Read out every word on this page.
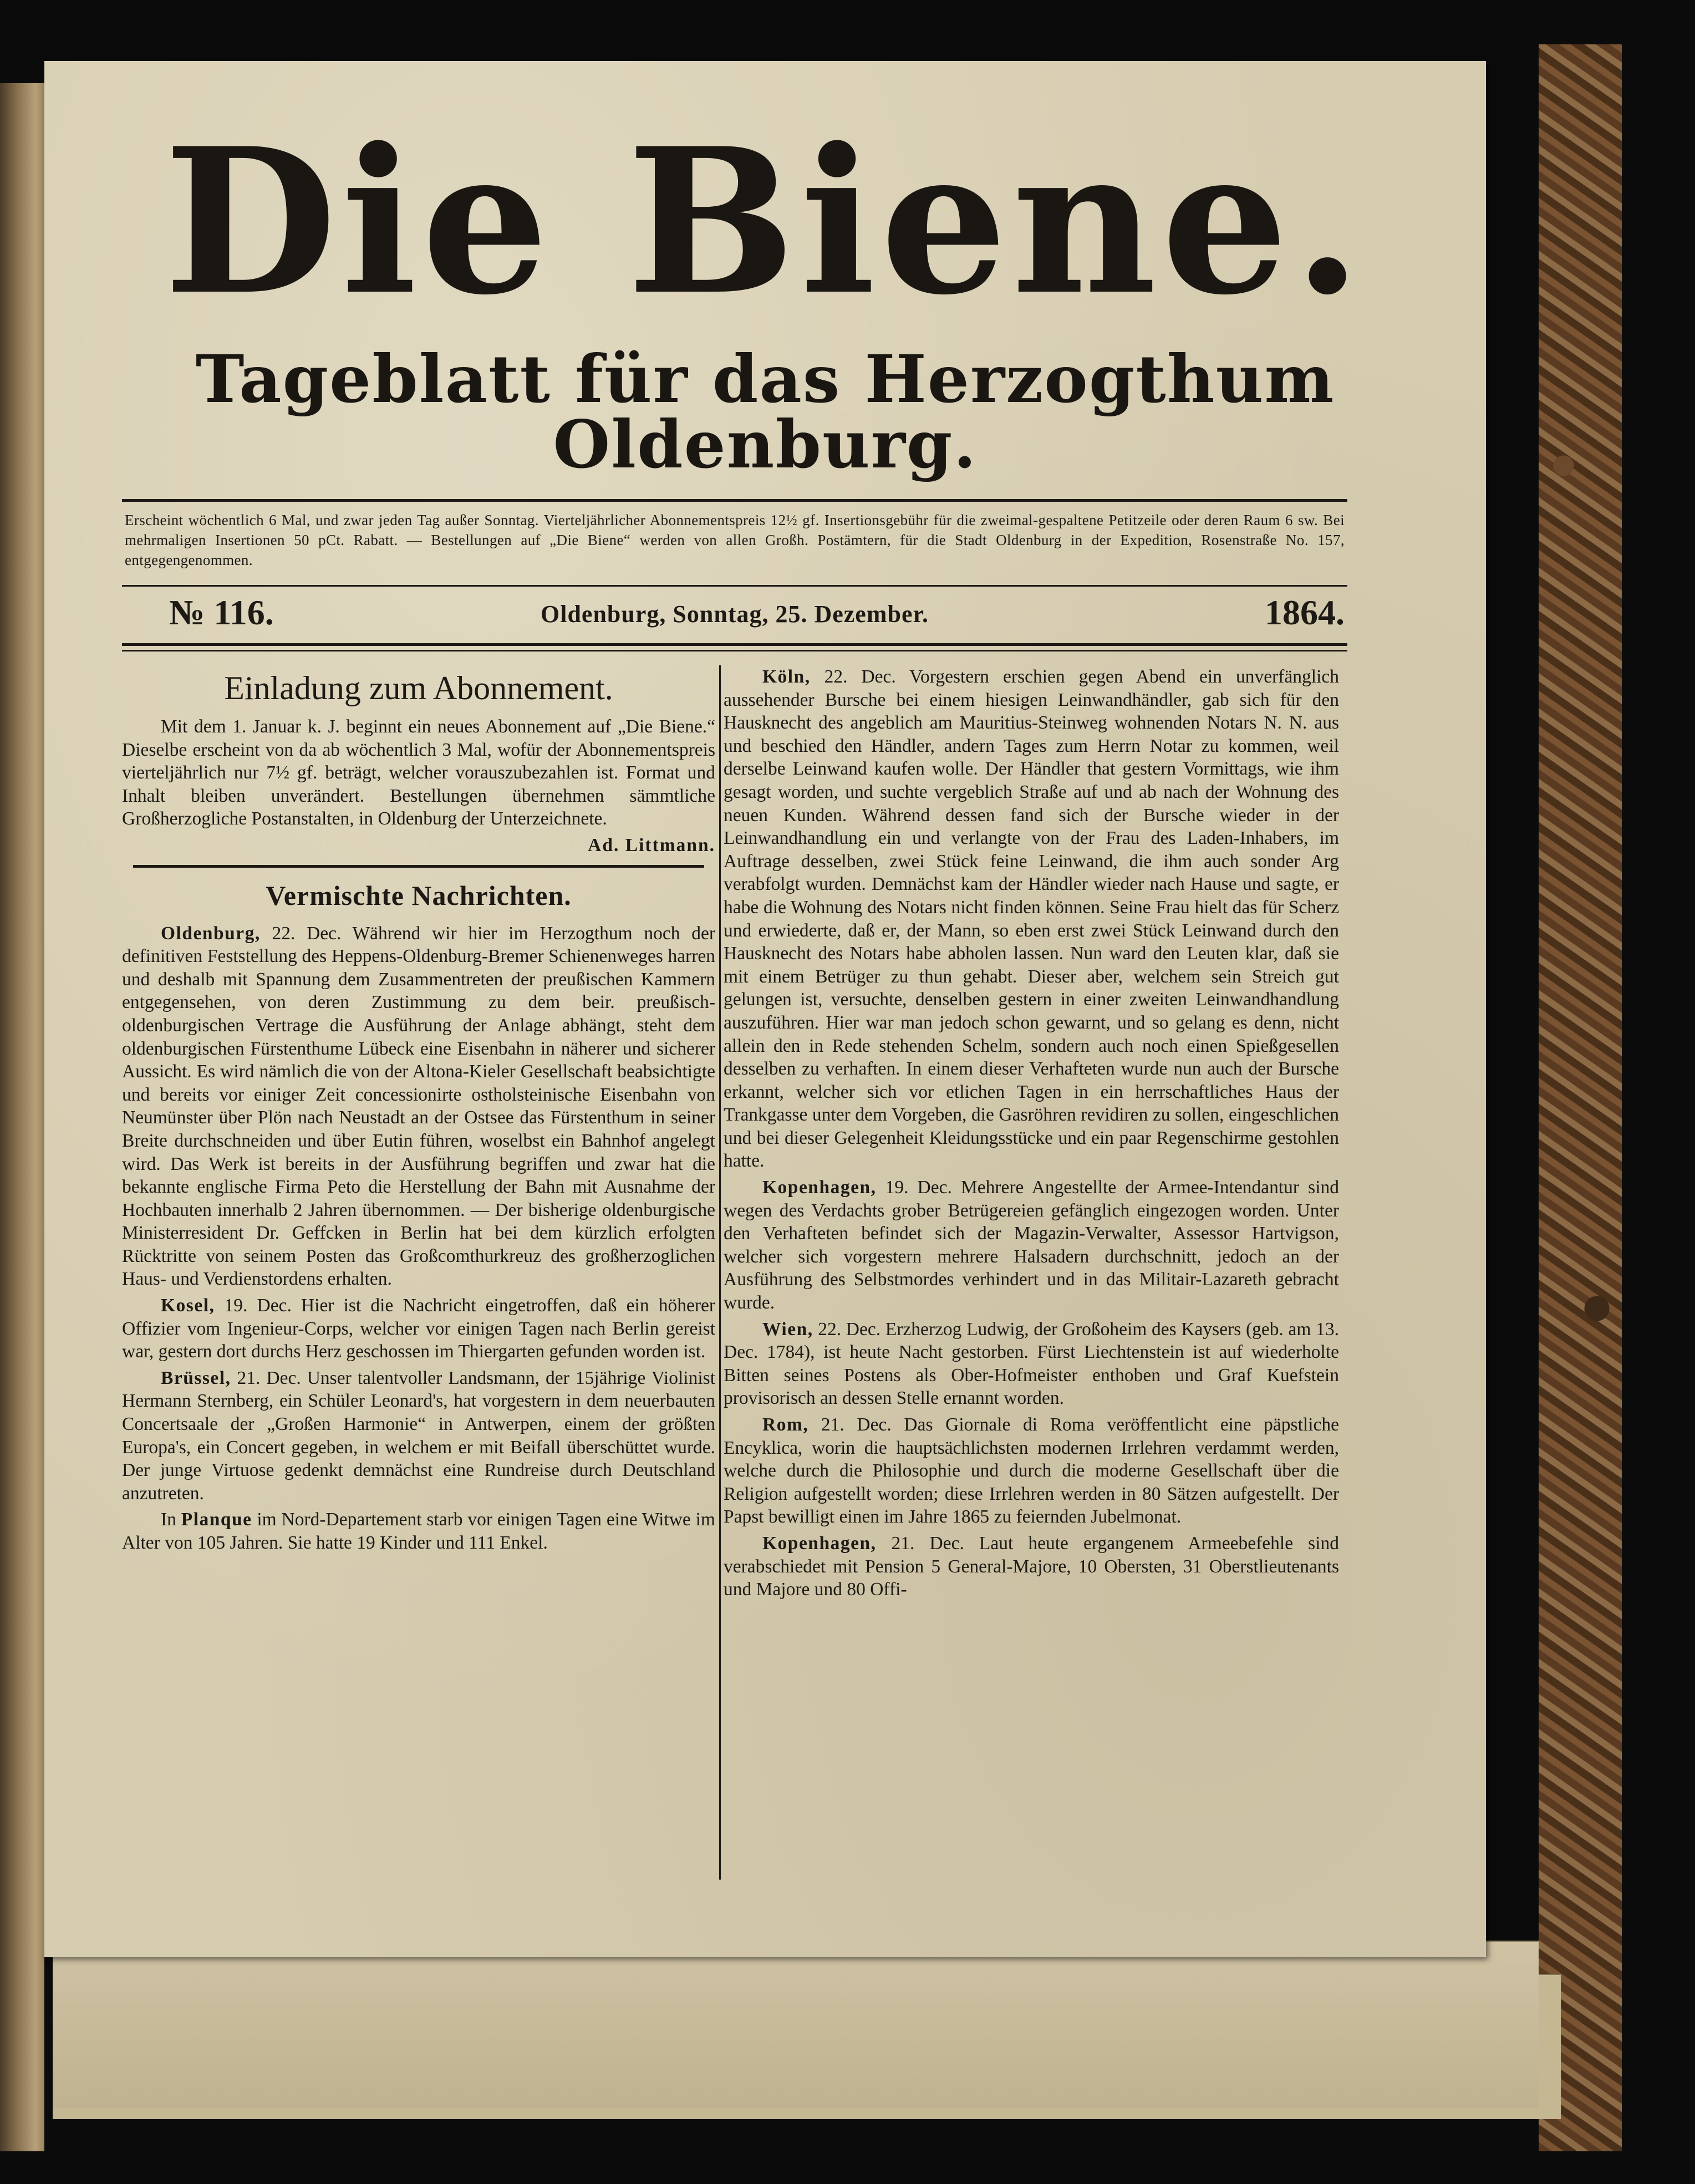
Die Biene.
Tageblatt für das Herzogthum Oldenburg.
Erscheint wöchentlich 6 Mal, und zwar jeden Tag außer Sonntag. Vierteljährlicher Abonnementspreis 12½ gf. Insertionsgebühr für die zweimal-gespaltene Petitzeile oder deren Raum 6 sw. Bei mehrmaligen Insertionen 50 pCt. Rabatt. — Bestellungen auf „Die Biene“ werden von allen Großh. Postämtern, für die Stadt Oldenburg in der Expedition, Rosenstraße No. 157, entgegengenommen.
№ 116.	Oldenburg, Sonntag, 25. Dezember.	1864.
Einladung zum Abonnement.

Mit dem 1. Januar k. J. beginnt ein neues Abonnement auf „Die Biene.“ Dieselbe erscheint von da ab wöchentlich 3 Mal, wofür der Abonnementspreis vierteljährlich nur 7½ gf. beträgt, welcher vorauszubezahlen ist. Format und Inhalt bleiben unverändert. Bestellungen übernehmen sämmtliche Großherzogliche Postanstalten, in Oldenburg der Unterzeichnete.

Ad. Littmann.
Vermischte Nachrichten.

Oldenburg, 22. Dec. Während wir hier im Herzogthum noch der definitiven Feststellung des Heppens-Oldenburg-Bremer Schienenweges harren und deshalb mit Spannung dem Zusammentreten der preußischen Kammern entgegensehen, von deren Zustimmung zu dem beir. preußisch-oldenburgischen Vertrage die Ausführung der Anlage abhängt, steht dem oldenburgischen Fürstenthume Lübeck eine Eisenbahn in näherer und sicherer Aussicht. Es wird nämlich die von der Altona-Kieler Gesellschaft beabsichtigte und bereits vor einiger Zeit concessionirte ostholsteinische Eisenbahn von Neumünster über Plön nach Neustadt an der Ostsee das Fürstenthum in seiner Breite durchschneiden und über Eutin führen, woselbst ein Bahnhof angelegt wird. Das Werk ist bereits in der Ausführung begriffen und zwar hat die bekannte englische Firma Peto die Herstellung der Bahn mit Ausnahme der Hochbauten innerhalb 2 Jahren übernommen. — Der bisherige oldenburgische Ministerresident Dr. Geffcken in Berlin hat bei dem kürzlich erfolgten Rücktritte von seinem Posten das Großcomthurkreuz des großherzoglichen Haus- und Verdienstordens erhalten.

Kosel, 19. Dec. Hier ist die Nachricht eingetroffen, daß ein höherer Offizier vom Ingenieur-Corps, welcher vor einigen Tagen nach Berlin gereist war, gestern dort durchs Herz geschossen im Thiergarten gefunden worden ist.

Brüssel, 21. Dec. Unser talentvoller Landsmann, der 15jährige Violinist Hermann Sternberg, ein Schüler Leonard's, hat vorgestern in dem neuerbauten Concertsaale der „Großen Harmonie“ in Antwerpen, einem der größten Europa's, ein Concert gegeben, in welchem er mit Beifall überschüttet wurde. Der junge Virtuose gedenkt demnächst eine Rundreise durch Deutschland anzutreten.

In Planque im Nord-Departement starb vor einigen Tagen eine Witwe im Alter von 105 Jahren. Sie hatte 19 Kinder und 111 Enkel.

Köln, 22. Dec. Vorgestern erschien gegen Abend ein unverfänglich aussehender Bursche bei einem hiesigen Leinwandhändler, gab sich für den Hausknecht des angeblich am Mauritius-Steinweg wohnenden Notars N. N. aus und beschied den Händler, andern Tages zum Herrn Notar zu kommen, weil derselbe Leinwand kaufen wolle. Der Händler that gestern Vormittags, wie ihm gesagt worden, und suchte vergeblich Straße auf und ab nach der Wohnung des neuen Kunden. Während dessen fand sich der Bursche wieder in der Leinwandhandlung ein und verlangte von der Frau des Laden-Inhabers, im Auftrage desselben, zwei Stück feine Leinwand, die ihm auch sonder Arg verabfolgt wurden. Demnächst kam der Händler wieder nach Hause und sagte, er habe die Wohnung des Notars nicht finden können. Seine Frau hielt das für Scherz und erwiederte, daß er, der Mann, so eben erst zwei Stück Leinwand durch den Hausknecht des Notars habe abholen lassen. Nun ward den Leuten klar, daß sie mit einem Betrüger zu thun gehabt. Dieser aber, welchem sein Streich gut gelungen ist, versuchte, denselben gestern in einer zweiten Leinwandhandlung auszuführen. Hier war man jedoch schon gewarnt, und so gelang es denn, nicht allein den in Rede stehenden Schelm, sondern auch noch einen Spießgesellen desselben zu verhaften. In einem dieser Verhafteten wurde nun auch der Bursche erkannt, welcher sich vor etlichen Tagen in ein herrschaftliches Haus der Trankgasse unter dem Vorgeben, die Gasröhren revidiren zu sollen, eingeschlichen und bei dieser Gelegenheit Kleidungsstücke und ein paar Regenschirme gestohlen hatte.

Kopenhagen, 19. Dec. Mehrere Angestellte der Armee-Intendantur sind wegen des Verdachts grober Betrügereien gefänglich eingezogen worden. Unter den Verhafteten befindet sich der Magazin-Verwalter, Assessor Hartvigson, welcher sich vorgestern mehrere Halsadern durchschnitt, jedoch an der Ausführung des Selbstmordes verhindert und in das Militair-Lazareth gebracht wurde.

Wien, 22. Dec. Erzherzog Ludwig, der Großoheim des Kaysers (geb. am 13. Dec. 1784), ist heute Nacht gestorben. Fürst Liechtenstein ist auf wiederholte Bitten seines Postens als Ober-Hofmeister enthoben und Graf Kuefstein provisorisch an dessen Stelle ernannt worden.

Rom, 21. Dec. Das Giornale di Roma veröffentlicht eine päpstliche Encyklica, worin die hauptsächlichsten modernen Irrlehren verdammt werden, welche durch die Philosophie und durch die moderne Gesellschaft über die Religion aufgestellt worden; diese Irrlehren werden in 80 Sätzen aufgestellt. Der Papst bewilligt einen im Jahre 1865 zu feiernden Jubelmonat.

Kopenhagen, 21. Dec. Laut heute ergangenem Armeebefehle sind verabschiedet mit Pension 5 General-Majore, 10 Obersten, 31 Oberstlieutenants und Majore und 80 Offi-
